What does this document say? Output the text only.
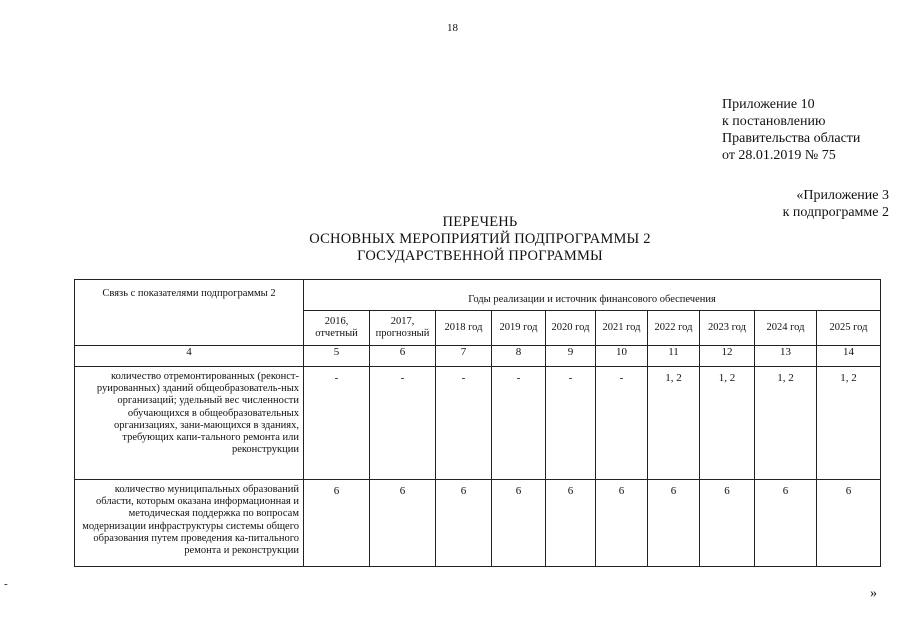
18
Приложение 10
к постановлению
Правительства области
от 28.01.2019 № 75
«Приложение 3
к подпрограмме 2
ПЕРЕЧЕНЬ
ОСНОВНЫХ МЕРОПРИЯТИЙ ПОДПРОГРАММЫ 2
ГОСУДАРСТВЕННОЙ ПРОГРАММЫ
Связь с показателями подпрограммы 2	Годы реализации и источник финансового обеспечения									
	2016, отчетный	2017, прогнозный	2018 год	2019 год	2020 год	2021 год	2022 год	2023 год	2024 год	2025 год
4	5	6	7	8	9	10	11	12	13	14
количество отремонтированных (реконст-руированных) зданий общеобразователь-ных организаций; удельный вес численности обучающихся в общеобразовательных организациях, зани-мающихся в зданиях, требующих капи-тального ремонта или реконструкции	-	-	-	-	-	-	1, 2	1, 2	1, 2	1, 2
количество муниципальных образований области, которым оказана информационная и методическая поддержка по вопросам модернизации инфраструктуры системы общего образования путем проведения ка-питального ремонта и реконструкции	6	6	6	6	6	6	6	6	6	6
»
-
